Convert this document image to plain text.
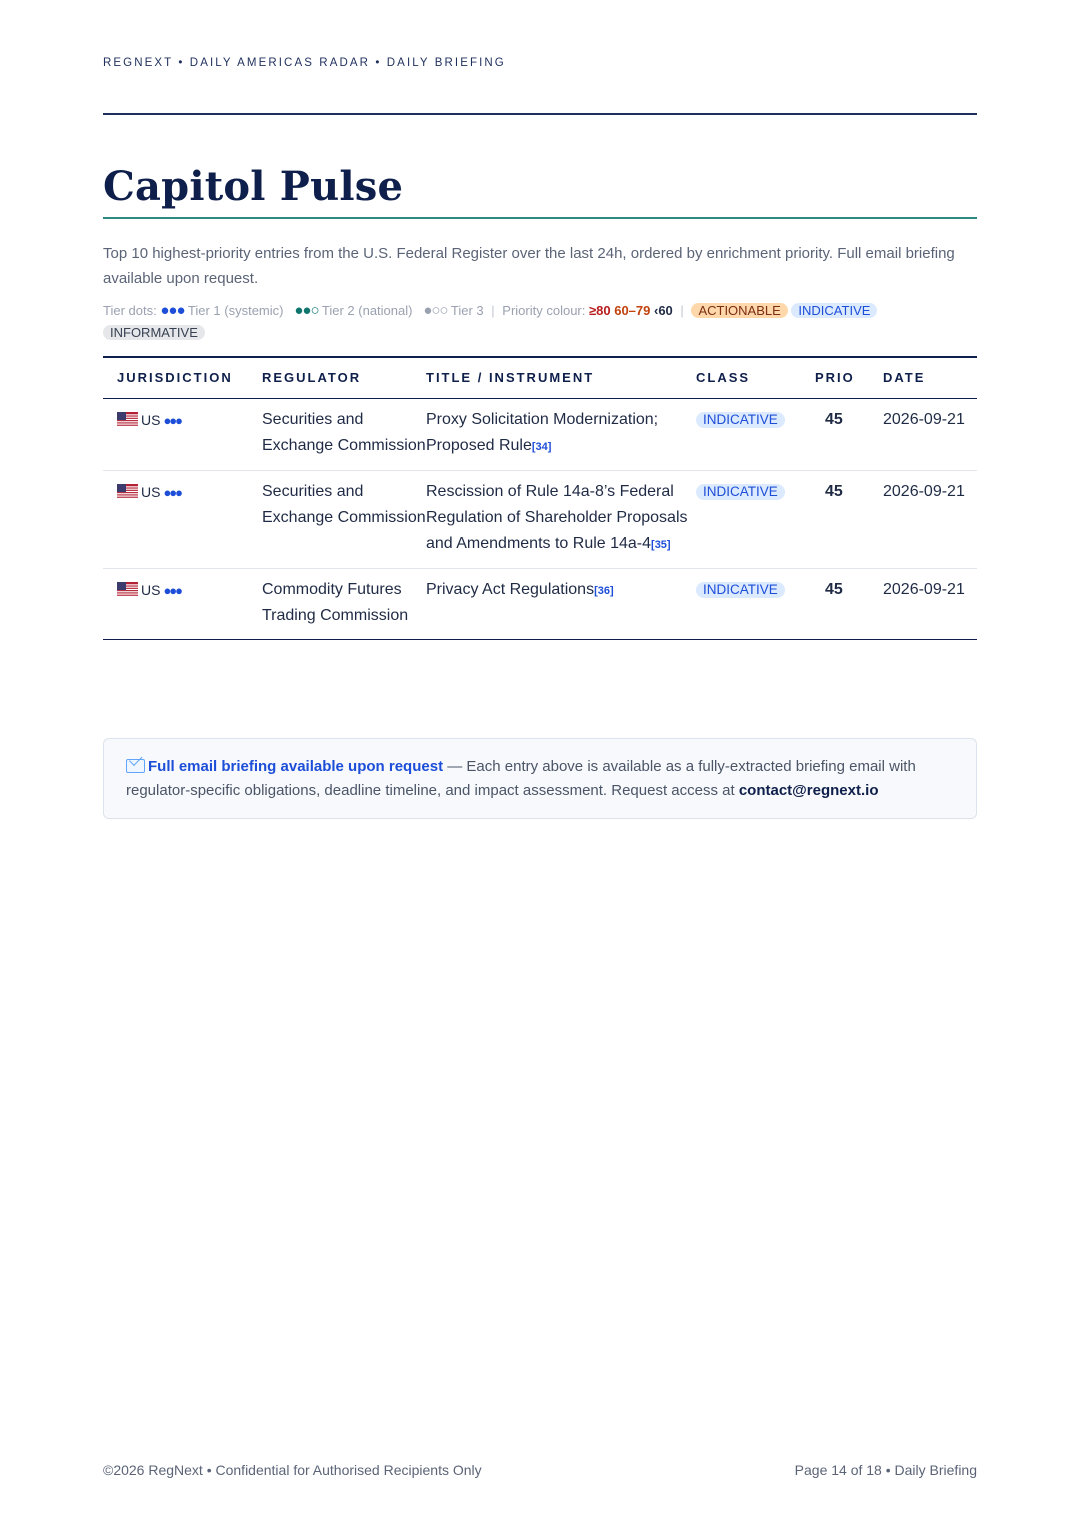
REGNEXT • DAILY AMERICAS RADAR • DAILY BRIEFING
Capitol Pulse

Top 10 highest-priority entries from the U.S. Federal Register over the last 24h, ordered by enrichment priority. Full email briefing available upon request.

Tier dots: ●●● Tier 1 (systemic) ●●○ Tier 2 (national) ●○○ Tier 3 | Priority colour: ≥80 60–79 ‹60 | ACTIONABLE INDICATIVE
INFORMATIVE
JURISDICTION	REGULATOR	TITLE / INSTRUMENT	CLASS	PRIO	DATE
US ●●●	Securities and Exchange Commission	Proxy Solicitation Modernization; Proposed Rule[34]	INDICATIVE	45	2026-09-21
US ●●●	Securities and Exchange Commission	Rescission of Rule 14a-8’s Federal Regulation of Shareholder Proposals and Amendments to Rule 14a-4[35]	INDICATIVE	45	2026-09-21
US ●●●	Commodity Futures Trading Commission	Privacy Act Regulations[36]	INDICATIVE	45	2026-09-21
Full email briefing available upon request — Each entry above is available as a fully-extracted briefing email with regulator-specific obligations, deadline timeline, and impact assessment. Request access at contact@regnext.io
©2026 RegNext • Confidential for Authorised Recipients Only	Page 14 of 18 • Daily Briefing
